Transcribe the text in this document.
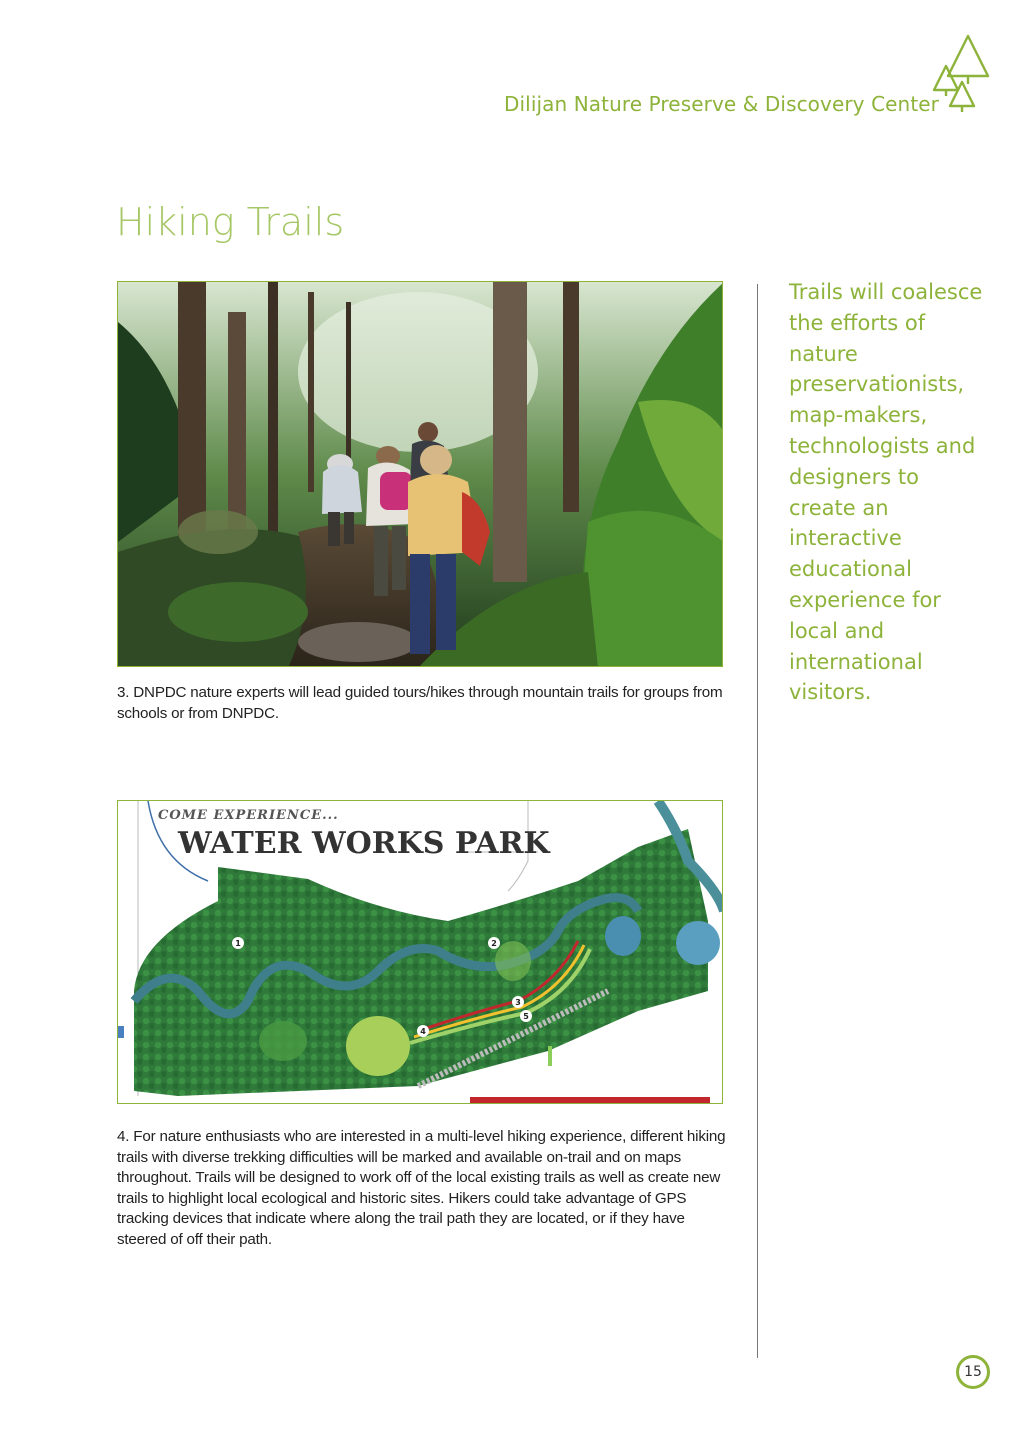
Dilijan Nature Preserve & Discovery Center
Hiking Trails
3. DNPDC nature experts will lead guided tours/hikes through mountain trails for groups from schools or from DNPDC.
1	2
3
4
5
COME EXPERIENCE...
WATER WORKS PARK
4. For nature enthusiasts who are interested in a multi-level hiking experience, different hiking trails with diverse trekking difficulties will be marked and available on-trail and on maps throughout. Trails will be designed to work off of the local existing trails as well as create new trails to highlight local ecological and historic sites. Hikers could take advantage of GPS tracking devices that indicate where along the trail path they are located, or if they have steered of off their path.
Trails will coalesce the efforts of nature preservationists, map-makers, technologists and designers to create an interactive educational experience for local and international visitors.
15
